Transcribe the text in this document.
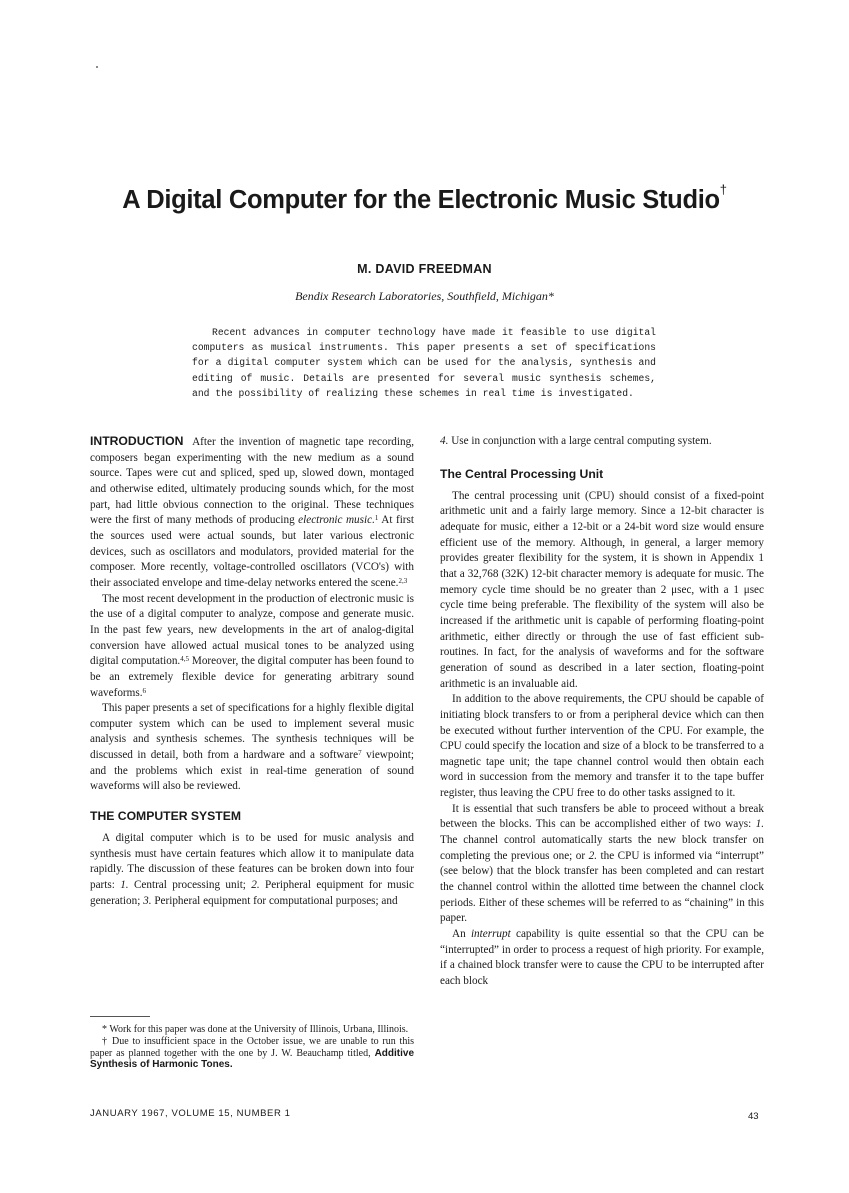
A Digital Computer for the Electronic Music Studio†
M. DAVID FREEDMAN
Bendix Research Laboratories, Southfield, Michigan*
Recent advances in computer technology have made it feasible to use digital computers as musical instruments. This paper presents a set of specifications for a digital computer system which can be used for the analysis, synthesis and editing of music. Details are presented for several music synthesis schemes, and the possibility of realizing these schemes in real time is investigated.

INTRODUCTION After the invention of magnetic tape recording, composers began experimenting with the new medium as a sound source. Tapes were cut and spliced, sped up, slowed down, montaged and otherwise edited, ultimately producing sounds which, for the most part, had little obvious connection to the original. These techniques were the first of many methods of producing electronic music.$^1$ At first the sources used were actual sounds, but later various electronic devices, such as oscillators and modulators, provided material for the composer. More recently, voltage-controlled oscillators (VCO's) with their associated envelope and time-delay networks entered the scene.$^{2,3}$

The most recent development in the production of electronic music is the use of a digital computer to analyze, compose and generate music. In the past few years, new developments in the art of analog-digital conversion have allowed actual musical tones to be analyzed using digital computation.$^{4,5}$ Moreover, the digital computer has been found to be an extremely flexible device for generating arbitrary sound waveforms.$^6$

This paper presents a set of specifications for a highly flexible digital computer system which can be used to implement several music analysis and synthesis schemes. The synthesis techniques will be discussed in detail, both from a hardware and a software$^7$ viewpoint; and the problems which exist in real-time generation of sound waveforms will also be reviewed.

THE COMPUTER SYSTEM

A digital computer which is to be used for music analysis and synthesis must have certain features which allow it to manipulate data rapidly. The discussion of these features can be broken down into four parts: 1. Central processing unit; 2. Peripheral equipment for music generation; 3. Peripheral equipment for computational purposes; and

4. Use in conjunction with a large central computing system.

The Central Processing Unit

The central processing unit (CPU) should consist of a fixed-point arithmetic unit and a fairly large memory. Since a 12-bit character is adequate for music, either a 12-bit or a 24-bit word size would ensure efficient use of the memory. Although, in general, a larger memory provides greater flexibility for the system, it is shown in Appendix 1 that a 32,768 (32K) 12-bit character memory is adequate for music. The memory cycle time should be no greater than 2 μsec, with a 1 μsec cycle time being preferable. The flexibility of the system will also be increased if the arithmetic unit is capable of performing floating-point arithmetic, either directly or through the use of fast efficient sub-routines. In fact, for the analysis of waveforms and for the software generation of sound as described in a later section, floating-point arithmetic is an invaluable aid.

In addition to the above requirements, the CPU should be capable of initiating block transfers to or from a peripheral device which can then be executed without further intervention of the CPU. For example, the CPU could specify the location and size of a block to be transferred to a magnetic tape unit; the tape channel control would then obtain each word in succession from the memory and transfer it to the tape buffer register, thus leaving the CPU free to do other tasks assigned to it.

It is essential that such transfers be able to proceed without a break between the blocks. This can be accomplished either of two ways: 1. The channel control automatically starts the new block transfer on completing the previous one; or 2. the CPU is informed via “interrupt” (see below) that the block transfer has been completed and can restart the channel control within the allotted time between the channel clock periods. Either of these schemes will be referred to as “chaining” in this paper.

An interrupt capability is quite essential so that the CPU can be “interrupted” in order to process a request of high priority. For example, if a chained block transfer were to cause the CPU to be interrupted after each block

* Work for this paper was done at the University of Illinois, Urbana, Illinois.

† Due to insufficient space in the October issue, we are unable to run this paper as planned together with the one by J. W. Beauchamp titled, Additive Synthesis of Harmonic Tones.

JANUARY 1967, VOLUME 15, NUMBER 1	43
